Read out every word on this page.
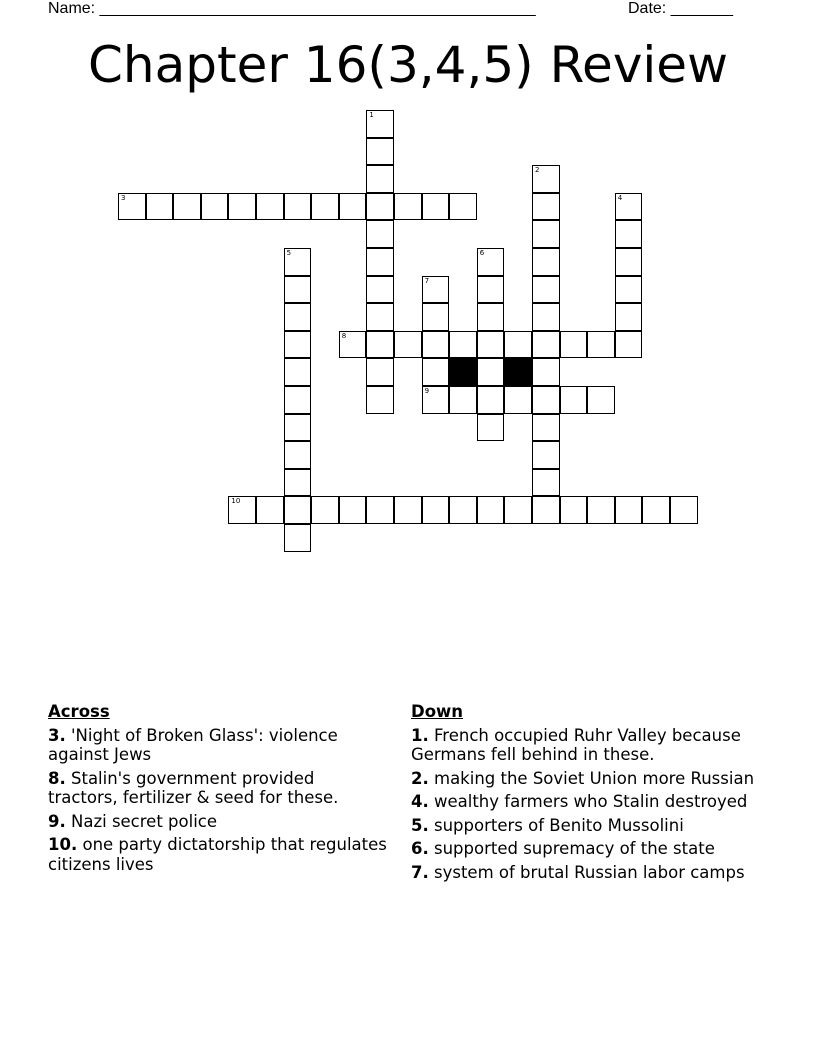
Name: _________________________________________________	Date: _______
Chapter 16(3,4,5) Review
1
2
3	4
5	6
7
9
8
10
Across
3. 'Night of Broken Glass': violence against Jews
8. Stalin's government provided tractors, fertilizer & seed for these.
9. Nazi secret police
10. one party dictatorship that regulates citizens lives
Down
1. French occupied Ruhr Valley because Germans fell behind in these.
2. making the Soviet Union more Russian
4. wealthy farmers who Stalin destroyed
5. supporters of Benito Mussolini
6. supported supremacy of the state
7. system of brutal Russian labor camps
